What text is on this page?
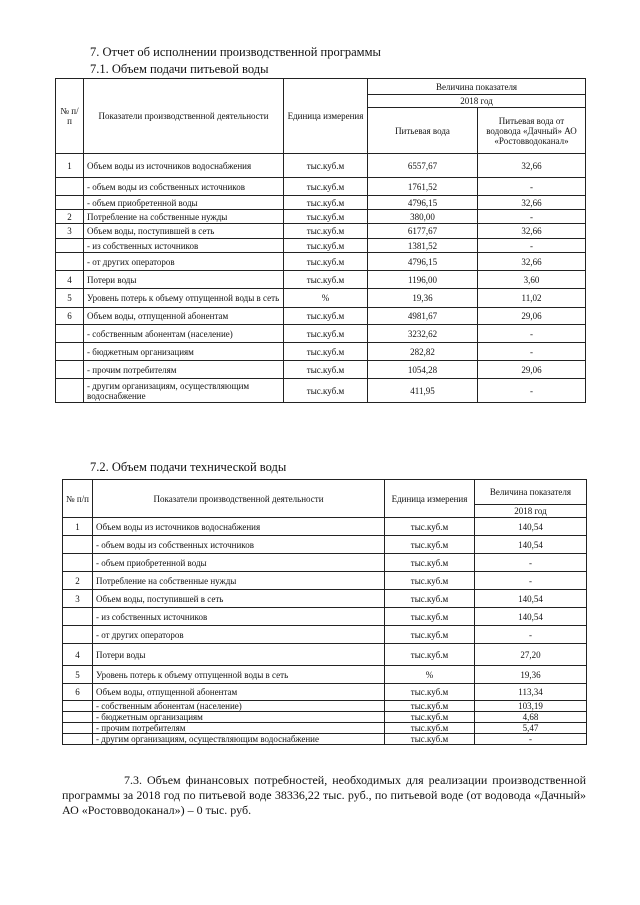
7. Отчет об исполнении производственной программы
7.1. Объем подачи питьевой воды
№ п/п	Показатели производственной деятельности	Единица измерения	Величина показателя	
			2018 год	
			Питьевая вода	Питьевая вода от водовода «Дачный» АО «Ростовводоканал»
1	Объем воды из источников водоснабжения	тыс.куб.м	6557,67	32,66
	- объем воды из собственных источников	тыс.куб.м	1761,52	-
	- объем приобретенной воды	тыс.куб.м	4796,15	32,66
2	Потребление на собственные нужды	тыс.куб.м	380,00	-
3	Объем воды, поступившей в сеть	тыс.куб.м	6177,67	32,66
	- из собственных источников	тыс.куб.м	1381,52	-
	- от других операторов	тыс.куб.м	4796,15	32,66
4	Потери воды	тыс.куб.м	1196,00	3,60
5	Уровень потерь к объему отпущенной воды в сеть	%	19,36	11,02
6	Объем воды, отпущенной абонентам	тыс.куб.м	4981,67	29,06
	- собственным абонентам (население)	тыс.куб.м	3232,62	-
	- бюджетным организациям	тыс.куб.м	282,82	-
	- прочим потребителям	тыс.куб.м	1054,28	29,06
	- другим организациям, осуществляющим водоснабжение	тыс.куб.м	411,95	-
7.2. Объем подачи технической воды
№ п/п	Показатели производственной деятельности	Единица измерения	Величина показателя
			2018 год
1	Объем воды из источников водоснабжения	тыс.куб.м	140,54
	- объем воды из собственных источников	тыс.куб.м	140,54
	- объем приобретенной воды	тыс.куб.м	-
2	Потребление на собственные нужды	тыс.куб.м	-
3	Объем воды, поступившей в сеть	тыс.куб.м	140,54
	- из собственных источников	тыс.куб.м	140,54
	- от других операторов	тыс.куб.м	-
4	Потери воды	тыс.куб.м	27,20
5	Уровень потерь к объему отпущенной воды в сеть	%	19,36
6	Объем воды, отпущенной абонентам	тыс.куб.м	113,34
	- собственным абонентам (население)	тыс.куб.м	103,19
	- бюджетным организациям	тыс.куб.м	4,68
	- прочим потребителям	тыс.куб.м	5,47
	- другим организациям, осуществляющим водоснабжение	тыс.куб.м	-

7.3. Объем финансовых потребностей, необходимых для реализации производственной программы за 2018 год по питьевой воде 38336,22 тыс. руб., по питьевой воде (от водовода «Дачный» АО «Ростовводоканал») – 0 тыс. руб.
